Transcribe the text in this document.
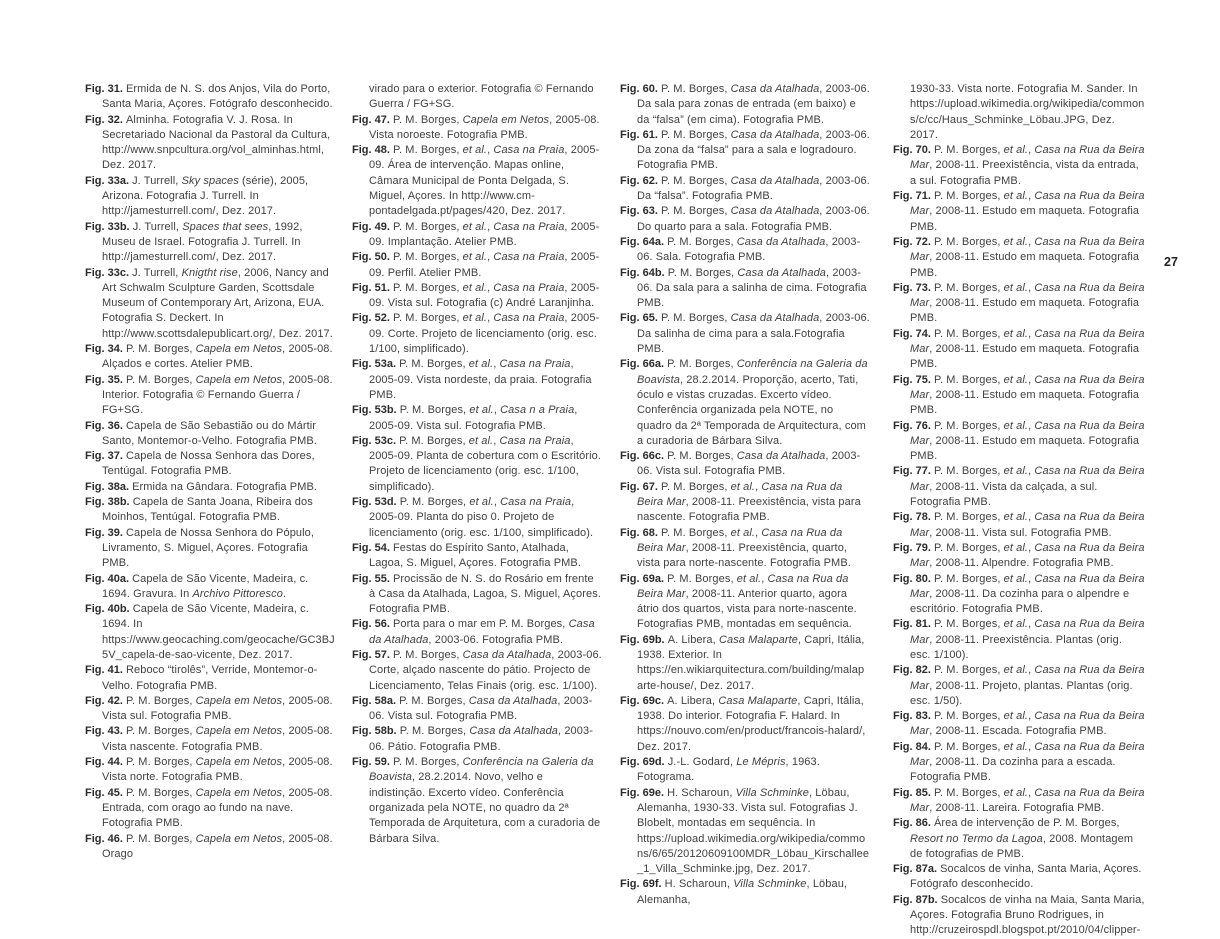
Fig. 31. Ermida de N. S. dos Anjos, Vila do Porto, Santa Maria, Açores. Fotógrafo desconhecido.

Fig. 32. Alminha. Fotografia V. J. Rosa. In Secretariado Nacional da Pastoral da Cultura, http://www.snpcultura.org/vol_alminhas.html, Dez. 2017.

Fig. 33a. J. Turrell, Sky spaces (série), 2005, Arizona. Fotografia J. Turrell. In http://jamesturrell.com/, Dez. 2017.

Fig. 33b. J. Turrell, Spaces that sees, 1992, Museu de Israel. Fotografia J. Turrell. In http://jamesturrell.com/, Dez. 2017.

Fig. 33c. J. Turrell, Knigtht rise, 2006, Nancy and Art Schwalm Sculpture Garden, Scottsdale Museum of Contemporary Art, Arizona, EUA. Fotografia S. Deckert. In http://www.scottsdalepublicart.org/, Dez. 2017.

Fig. 34. P. M. Borges, Capela em Netos, 2005-08. Alçados e cortes. Atelier PMB.

Fig. 35. P. M. Borges, Capela em Netos, 2005-08. Interior. Fotografia © Fernando Guerra / FG+SG.

Fig. 36. Capela de São Sebastião ou do Mártir Santo, Montemor-o-Velho. Fotografia PMB.

Fig. 37. Capela de Nossa Senhora das Dores, Tentúgal. Fotografia PMB.

Fig. 38a. Ermida na Gândara. Fotografia PMB.

Fig. 38b. Capela de Santa Joana, Ribeira dos Moinhos, Tentúgal. Fotografia PMB.

Fig. 39. Capela de Nossa Senhora do Pópulo, Livramento, S. Miguel, Açores. Fotografia PMB.

Fig. 40a. Capela de São Vicente, Madeira, c. 1694. Gravura. In Archivo Pittoresco.

Fig. 40b. Capela de São Vicente, Madeira, c. 1694. In https://www.geocaching.com/geocache/GC3BJ5V_capela-de-sao-vicente, Dez. 2017.

Fig. 41. Reboco “tirolês”, Verride, Montemor-o-Velho. Fotografia PMB.

Fig. 42. P. M. Borges, Capela em Netos, 2005-08. Vista sul. Fotografia PMB.

Fig. 43. P. M. Borges, Capela em Netos, 2005-08. Vista nascente. Fotografia PMB.

Fig. 44. P. M. Borges, Capela em Netos, 2005-08. Vista norte. Fotografia PMB.

Fig. 45. P. M. Borges, Capela em Netos, 2005-08. Entrada, com orago ao fundo na nave. Fotografia PMB.

Fig. 46. P. M. Borges, Capela em Netos, 2005-08. Orago

virado para o exterior. Fotografia © Fernando Guerra / FG+SG.

Fig. 47. P. M. Borges, Capela em Netos, 2005-08. Vista noroeste. Fotografia PMB.

Fig. 48. P. M. Borges, et al., Casa na Praia, 2005-09. Área de intervenção. Mapas online, Câmara Municipal de Ponta Delgada, S. Miguel, Açores. In http://www.cm-pontadelgada.pt/pages/420, Dez. 2017.

Fig. 49. P. M. Borges, et al., Casa na Praia, 2005-09. Implantação. Atelier PMB.

Fig. 50. P. M. Borges, et al., Casa na Praia, 2005-09. Perfil. Atelier PMB.

Fig. 51. P. M. Borges, et al., Casa na Praia, 2005-09. Vista sul. Fotografia (c) André Laranjinha.

Fig. 52. P. M. Borges, et al., Casa na Praia, 2005-09. Corte. Projeto de licenciamento (orig. esc. 1/100, simplificado).

Fig. 53a. P. M. Borges, et al., Casa na Praia, 2005-09. Vista nordeste, da praia. Fotografia PMB.

Fig. 53b. P. M. Borges, et al., Casa n a Praia, 2005-09. Vista sul. Fotografia PMB.

Fig. 53c. P. M. Borges, et al., Casa na Praia, 2005-09. Planta de cobertura com o Escritório. Projeto de licenciamento (orig. esc. 1/100, simplificado).

Fig. 53d. P. M. Borges, et al., Casa na Praia, 2005-09. Planta do piso 0. Projeto de licenciamento (orig. esc. 1/100, simplificado).

Fig. 54. Festas do Espírito Santo, Atalhada, Lagoa, S. Miguel, Açores. Fotografia PMB.

Fig. 55. Procissão de N. S. do Rosário em frente à Casa da Atalhada, Lagoa, S. Miguel, Açores. Fotografia PMB.

Fig. 56. Porta para o mar em P. M. Borges, Casa da Atalhada, 2003-06. Fotografia PMB.

Fig. 57. P. M. Borges, Casa da Atalhada, 2003-06. Corte, alçado nascente do pátio. Projecto de Licenciamento, Telas Finais (orig. esc. 1/100).

Fig. 58a. P. M. Borges, Casa da Atalhada, 2003-06. Vista sul. Fotografia PMB.

Fig. 58b. P. M. Borges, Casa da Atalhada, 2003-06. Pátio. Fotografia PMB.

Fig. 59. P. M. Borges, Conferência na Galeria da Boavista, 28.2.2014. Novo, velho e indistinção. Excerto vídeo. Conferência organizada pela NOTE, no quadro da 2ª Temporada de Arquitetura, com a curadoria de Bárbara Silva.

Fig. 60. P. M. Borges, Casa da Atalhada, 2003-06. Da sala para zonas de entrada (em baixo) e da “falsa” (em cima). Fotografia PMB.

Fig. 61. P. M. Borges, Casa da Atalhada, 2003-06. Da zona da “falsa” para a sala e logradouro. Fotografia PMB.

Fig. 62. P. M. Borges, Casa da Atalhada, 2003-06. Da “falsa”. Fotografia PMB.

Fig. 63. P. M. Borges, Casa da Atalhada, 2003-06. Do quarto para a sala. Fotografia PMB.

Fig. 64a. P. M. Borges, Casa da Atalhada, 2003-06. Sala. Fotografia PMB.

Fig. 64b. P. M. Borges, Casa da Atalhada, 2003-06. Da sala para a salinha de cima. Fotografia PMB.

Fig. 65. P. M. Borges, Casa da Atalhada, 2003-06. Da salinha de cima para a sala.Fotografia PMB.

Fig. 66a. P. M. Borges, Conferência na Galeria da Boavista, 28.2.2014. Proporção, acerto, Tati, óculo e vistas cruzadas. Excerto vídeo. Conferência organizada pela NOTE, no quadro da 2ª Temporada de Arquitectura, com a curadoria de Bárbara Silva.

Fig. 66c. P. M. Borges, Casa da Atalhada, 2003-06. Vista sul. Fotografia PMB.

Fig. 67. P. M. Borges, et al., Casa na Rua da Beira Mar, 2008-11. Preexistência, vista para nascente. Fotografia PMB.

Fig. 68. P. M. Borges, et al., Casa na Rua da Beira Mar, 2008-11. Preexistência, quarto, vista para norte-nascente. Fotografia PMB.

Fig. 69a. P. M. Borges, et al., Casa na Rua da Beira Mar, 2008-11. Anterior quarto, agora átrio dos quartos, vista para norte-nascente. Fotografias PMB, montadas em sequência.

Fig. 69b. A. Libera, Casa Malaparte, Capri, Itália, 1938. Exterior. In https://en.wikiarquitectura.com/building/malaparte-house/, Dez. 2017.

Fig. 69c. A. Libera, Casa Malaparte, Capri, Itália, 1938. Do interior. Fotografia F. Halard. In https://nouvo.com/en/product/francois-halard/, Dez. 2017.

Fig. 69d. J.-L. Godard, Le Mépris, 1963. Fotograma.

Fig. 69e. H. Scharoun, Villa Schminke, Löbau, Alemanha, 1930-33. Vista sul. Fotografias J. Blobelt, montadas em sequência. In https://upload.wikimedia.org/wikipedia/commons/6/65/20120609100MDR_Löbau_Kirschallee_1_Villa_Schminke.jpg, Dez. 2017.

Fig. 69f. H. Scharoun, Villa Schminke, Löbau, Alemanha,

1930-33. Vista norte. Fotografia M. Sander. In https://upload.wikimedia.org/wikipedia/commons/c/cc/Haus_Schminke_Löbau.JPG, Dez. 2017.

Fig. 70. P. M. Borges, et al., Casa na Rua da Beira Mar, 2008-11. Preexistência, vista da entrada, a sul. Fotografia PMB.

Fig. 71. P. M. Borges, et al., Casa na Rua da Beira Mar, 2008-11. Estudo em maqueta. Fotografia PMB.

Fig. 72. P. M. Borges, et al., Casa na Rua da Beira Mar, 2008-11. Estudo em maqueta. Fotografia PMB.

Fig. 73. P. M. Borges, et al., Casa na Rua da Beira Mar, 2008-11. Estudo em maqueta. Fotografia PMB.

Fig. 74. P. M. Borges, et al., Casa na Rua da Beira Mar, 2008-11. Estudo em maqueta. Fotografia PMB.

Fig. 75. P. M. Borges, et al., Casa na Rua da Beira Mar, 2008-11. Estudo em maqueta. Fotografia PMB.

Fig. 76. P. M. Borges, et al., Casa na Rua da Beira Mar, 2008-11. Estudo em maqueta. Fotografia PMB.

Fig. 77. P. M. Borges, et al., Casa na Rua da Beira Mar, 2008-11. Vista da calçada, a sul. Fotografia PMB.

Fig. 78. P. M. Borges, et al., Casa na Rua da Beira Mar, 2008-11. Vista sul. Fotografia PMB.

Fig. 79. P. M. Borges, et al., Casa na Rua da Beira Mar, 2008-11. Alpendre. Fotografia PMB.

Fig. 80. P. M. Borges, et al., Casa na Rua da Beira Mar, 2008-11. Da cozinha para o alpendre e escritório. Fotografia PMB.

Fig. 81. P. M. Borges, et al., Casa na Rua da Beira Mar, 2008-11. Preexistência. Plantas (orig. esc. 1/100).

Fig. 82. P. M. Borges, et al., Casa na Rua da Beira Mar, 2008-11. Projeto, plantas. Plantas (orig. esc. 1/50).

Fig. 83. P. M. Borges, et al., Casa na Rua da Beira Mar, 2008-11. Escada. Fotografia PMB.

Fig. 84. P. M. Borges, et al., Casa na Rua da Beira Mar, 2008-11. Da cozinha para a escada. Fotografia PMB.

Fig. 85. P. M. Borges, et al., Casa na Rua da Beira Mar, 2008-11. Lareira. Fotografia PMB.

Fig. 86. Área de intervenção de P. M. Borges, Resort no Termo da Lagoa, 2008. Montagem de fotografias de PMB.

Fig. 87a. Socalcos de vinha, Santa Maria, Açores. Fotógrafo desconhecido.

Fig. 87b. Socalcos de vinha na Maia, Santa Maria, Açores. Fotografia Bruno Rodrigues, in http://cruzeirospdl.blogspot.pt/2010/04/clipper-

27
